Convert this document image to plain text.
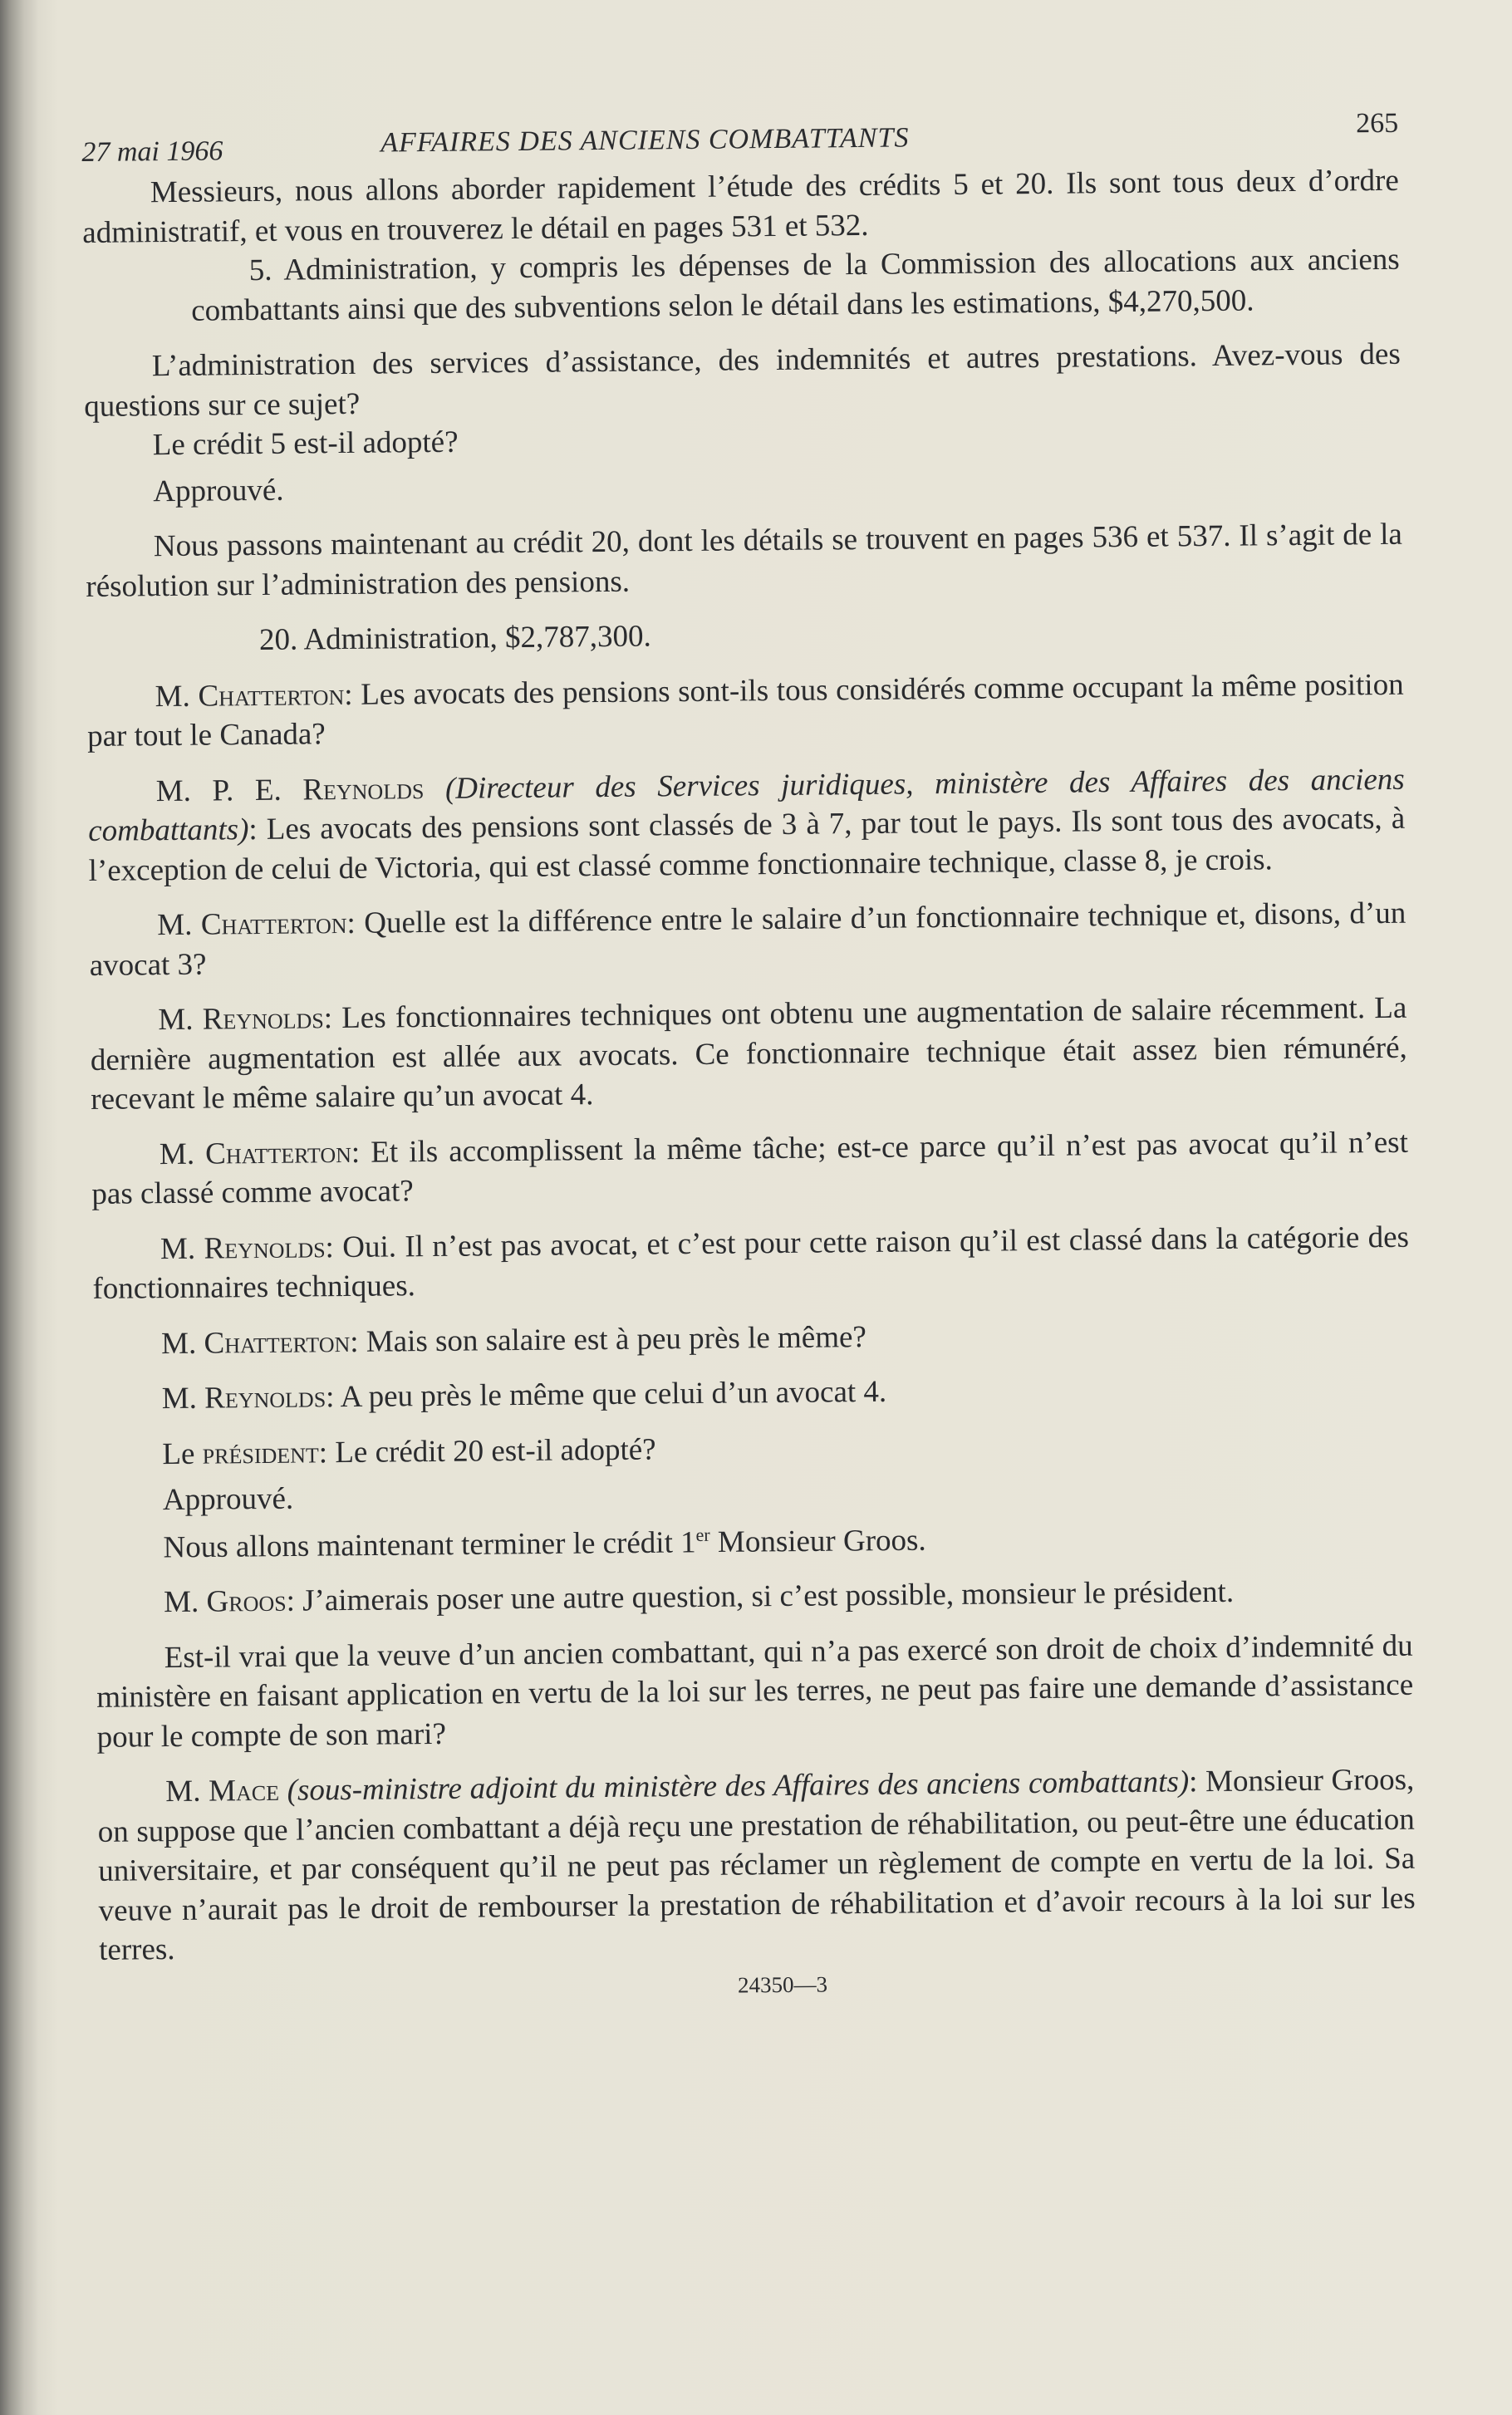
27 mai 1966	AFFAIRES DES ANCIENS COMBATTANTS	265

Messieurs, nous allons aborder rapidement l’étude des crédits 5 et 20. Ils sont tous deux d’ordre administratif, et vous en trouverez le détail en pages 531 et 532.

5. Administration, y compris les dépenses de la Commission des allocations aux anciens combattants ainsi que des subventions selon le détail dans les estimations, $4,270,500.

L’administration des services d’assistance, des indemnités et autres prestations. Avez-vous des questions sur ce sujet?

Le crédit 5 est-il adopté?

Approuvé.

Nous passons maintenant au crédit 20, dont les détails se trouvent en pages 536 et 537. Il s’agit de la résolution sur l’administration des pensions.

20. Administration, $2,787,300.

M. Chatterton: Les avocats des pensions sont-ils tous considérés comme occupant la même position par tout le Canada?

M. P. E. Reynolds (Directeur des Services juridiques, ministère des Affaires des anciens combattants): Les avocats des pensions sont classés de 3 à 7, par tout le pays. Ils sont tous des avocats, à l’exception de celui de Victoria, qui est classé comme fonctionnaire technique, classe 8, je crois.

M. Chatterton: Quelle est la différence entre le salaire d’un fonctionnaire technique et, disons, d’un avocat 3?

M. Reynolds: Les fonctionnaires techniques ont obtenu une augmentation de salaire récemment. La dernière augmentation est allée aux avocats. Ce fonctionnaire technique était assez bien rémunéré, recevant le même salaire qu’un avocat 4.

M. Chatterton: Et ils accomplissent la même tâche; est-ce parce qu’il n’est pas avocat qu’il n’est pas classé comme avocat?

M. Reynolds: Oui. Il n’est pas avocat, et c’est pour cette raison qu’il est classé dans la catégorie des fonctionnaires techniques.

M. Chatterton: Mais son salaire est à peu près le même?

M. Reynolds: A peu près le même que celui d’un avocat 4.

Le président: Le crédit 20 est-il adopté?

Approuvé.

Nous allons maintenant terminer le crédit 1er Monsieur Groos.

M. Groos: J’aimerais poser une autre question, si c’est possible, monsieur le président.

Est-il vrai que la veuve d’un ancien combattant, qui n’a pas exercé son droit de choix d’indemnité du ministère en faisant application en vertu de la loi sur les terres, ne peut pas faire une demande d’assistance pour le compte de son mari?

M. Mace (sous-ministre adjoint du ministère des Affaires des anciens combattants): Monsieur Groos, on suppose que l’ancien combattant a déjà reçu une prestation de réhabilitation, ou peut-être une éducation universitaire, et par conséquent qu’il ne peut pas réclamer un règlement de compte en vertu de la loi. Sa veuve n’aurait pas le droit de rembourser la prestation de réhabilitation et d’avoir recours à la loi sur les terres.

24350—3
